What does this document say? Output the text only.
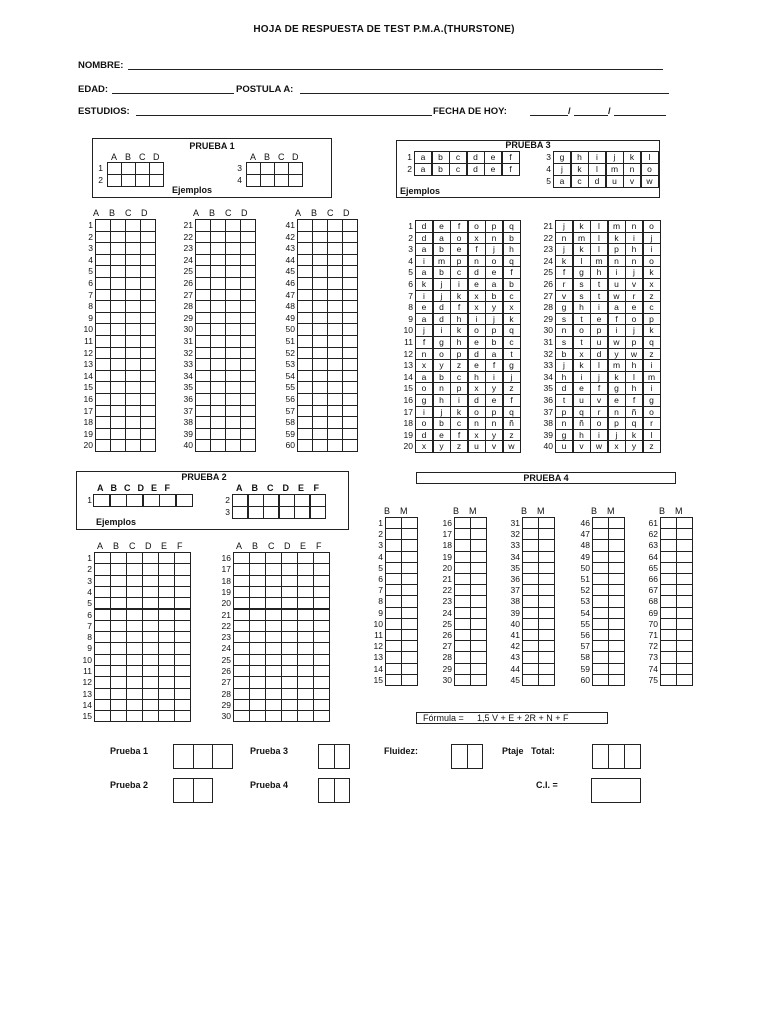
HOJA DE RESPUESTA DE TEST P.M.A.(THURSTONE)
NOMBRE:
EDAD:	POSTULA A:
ESTUDIOS:	FECHA DE HOY:	/	/
PRUEBA 1
A B C D
1
2
A B C D
3
4
Ejemplos
A B C D
1
2
3
4
5
6
7
8
9
10
11
12
13
14
15
16
17
18
19
20
A B C D
21
22
23
24
25
26
27
28
29
30
31
32
33
34
35
36
37
38
39
40
A B C D
41
42
43
44
45
46
47
48
49
50
51
52
53
54
55
56
57
58
59
60
PRUEBA 3
1	a	b	c	d	e	f
2	a	b	c	d	e	f
3	g	h	i	j	k	l
4	j	k	l	m	n	o
5	a	c	d	u	v	w
Ejemplos
1	d	e	f	o	p	q
2	d	a	o	x	n	b
3	a	b	e	f	j	h
4	i	m	p	n	o	q
5	a	b	c	d	e	f
6	k	j	i	e	a	b
7	i	j	k	x	b	c
8	e	d	f	x	y	x
9	a	d	h	i	j	k
10	j	i	k	o	p	q
11	f	g	h	e	b	c
12	n	o	p	d	a	t
13	x	y	z	e	f	g
14	a	b	c	h	i	j
15	o	n	p	x	y	z
16	g	h	i	d	e	f
17	i	j	k	o	p	q
18	o	b	c	n	n	ñ
19	d	e	f	x	y	z
20	x	y	z	u	v	w
21	j	k	l	m	n	o
22	n	m	l	k	i	j
23	j	k	l	p	h	i
24	k	l	m	n	n	o
25	f	g	h	i	j	k
26	r	s	t	u	v	x
27	v	s	t	w	r	z
28	g	h	i	a	e	c
29	s	t	e	f	o	p
30	n	o	p	i	j	k
31	s	t	u	w	p	q
32	b	x	d	y	w	z
33	j	k	l	m	h	i
34	h	i	j	k	l	m
35	d	e	f	g	h	i
36	t	u	v	e	f	g
37	p	q	r	n	ñ	o
38	n	ñ	o	p	q	r
39	g	h	i	j	k	l
40	u	v	w	x	y	z
PRUEBA 2
A B C D E F	A B C D E F
1	2
3
Ejemplos
A B C D E F
1
2
3
4
5
6
7
8
9
10
11
12
13
14
15
A B C D E F
16
17
18
19
20
21
22
23
24
25
26
27
28
29
30
PRUEBA 4
B M
1
2
3
4
5
6
7
8
9
10
11
12
13
14
15
B M
16
17
18
19
20
21
22
23
24
25
26
27
28
29
30
B M
31
32
33
34
35
36
37
38
39
40
41
42
43
44
45
B M
46
47
48
49
50
51
52
53
54
55
56
57
58
59
60
B M
61
62
63
64
65
66
67
68
69
70
71
72
73
74
75
Fórmula = 1,5 V + E + 2R + N + F
Prueba 1
Prueba 2
Prueba 3
Prueba 4
Fluidez:	Ptaje   Total:
C.I. =
